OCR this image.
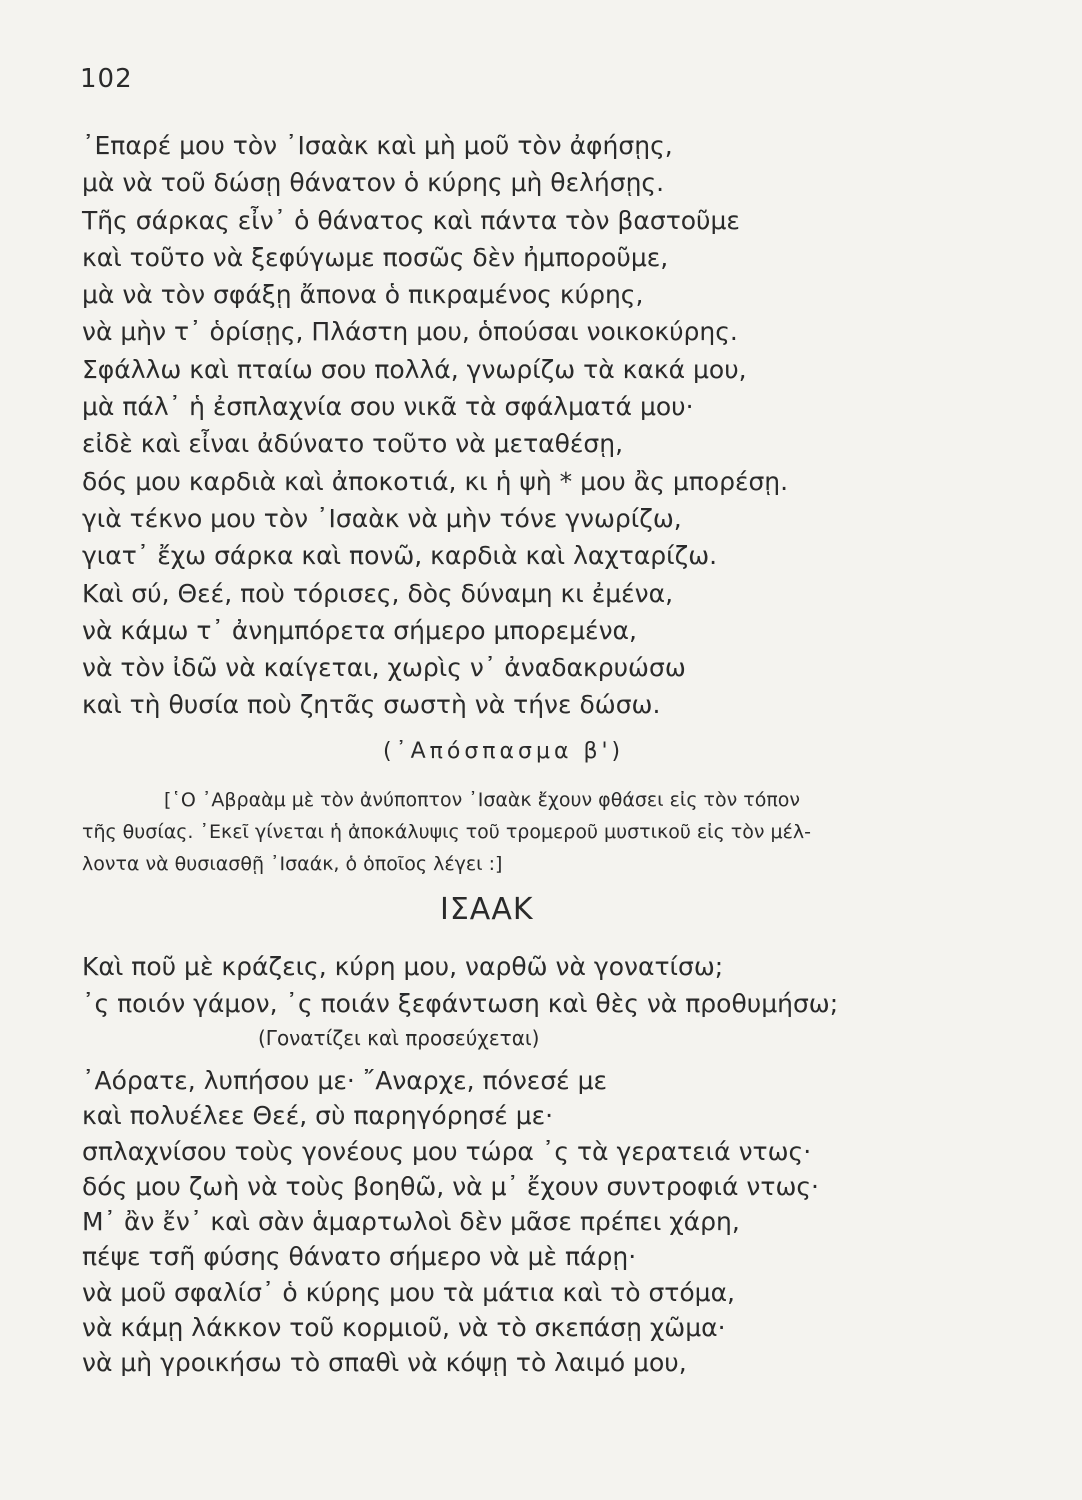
102
᾿Επαρέ μου τὸν ᾿Ισαὰκ καὶ μὴ μοῦ τὸν ἀφήσῃς,
μὰ νὰ τοῦ δώσῃ θάνατον ὁ κύρης μὴ θελήσῃς.
Τῆς σάρκας εἶν᾿ ὁ θάνατος καὶ πάντα τὸν βαστοῦμε
καὶ τοῦτο νὰ ξεφύγωμε ποσῶς δὲν ἠμποροῦμε,
μὰ νὰ τὸν σφάξῃ ἄπονα ὁ πικραμένος κύρης,
νὰ μὴν τ᾿ ὁρίσῃς, Πλάστη μου, ὁπούσαι νοικοκύρης.
Σφάλλω καὶ πταίω σου πολλά, γνωρίζω τὰ κακά μου,
μὰ πάλ᾿ ἡ ἐσπλαχνία σου νικᾶ τὰ σφάλματά μου·
εἰδὲ καὶ εἶναι ἀδύνατο τοῦτο νὰ μεταθέσῃ,
δός μου καρδιὰ καὶ ἀποκοτιά, κι ἡ ψὴ * μου ἂς μπορέσῃ.
γιὰ τέκνο μου τὸν ᾿Ισαὰκ νὰ μὴν τόνε γνωρίζω,
γιατ᾿ ἔχω σάρκα καὶ πονῶ, καρδιὰ καὶ λαχταρίζω.
Καὶ σύ, Θεέ, ποὺ τόρισες, δὸς δύναμη κι ἐμένα,
νὰ κάμω τ᾿ ἀνημπόρετα σήμερο μπορεμένα,
νὰ τὸν ἰδῶ νὰ καίγεται, χωρὶς ν᾿ ἀναδακρυώσω
καὶ τὴ θυσία ποὺ ζητᾶς σωστὴ νὰ τήνε δώσω.
(᾿Απόσπασμα β')
[῾Ο ᾿Αβραὰμ μὲ τὸν ἀνύποπτον ᾿Ισαὰκ ἔχουν φθάσει εἰς τὸν τόπον
τῆς θυσίας. ᾿Εκεῖ γίνεται ἡ ἀποκάλυψις τοῦ τρομεροῦ μυστικοῦ εἰς τὸν μέλ-
λοντα νὰ θυσιασθῇ ᾿Ισαάκ, ὁ ὁποῖος λέγει :]
ΙΣΑΑΚ
Καὶ ποῦ μὲ κράζεις, κύρη μου, ναρθῶ νὰ γονατίσω;
᾿ς ποιόν γάμον, ᾿ς ποιάν ξεφάντωση καὶ θὲς νὰ προθυμήσω;
(Γονατίζει καὶ προσεύχεται)
᾿Αόρατε, λυπήσου με· ῎Αναρχε, πόνεσέ με
καὶ πολυέλεε Θεέ, σὺ παρηγόρησέ με·
σπλαχνίσου τοὺς γονέους μου τώρα ᾿ς τὰ γερατειά ντως·
δός μου ζωὴ νὰ τοὺς βοηθῶ, νὰ μ᾿ ἔχουν συντροφιά ντως·
Μ᾿ ἂν ἔν᾿ καὶ σὰν ἁμαρτωλοὶ δὲν μᾶσε πρέπει χάρη,
πέψε τσῆ φύσης θάνατο σήμερο νὰ μὲ πάρῃ·
νὰ μοῦ σφαλίσ᾿ ὁ κύρης μου τὰ μάτια καὶ τὸ στόμα,
νὰ κάμῃ λάκκον τοῦ κορμιοῦ, νὰ τὸ σκεπάσῃ χῶμα·
νὰ μὴ γροικήσω τὸ σπαθὶ νὰ κόψῃ τὸ λαιμό μου,
